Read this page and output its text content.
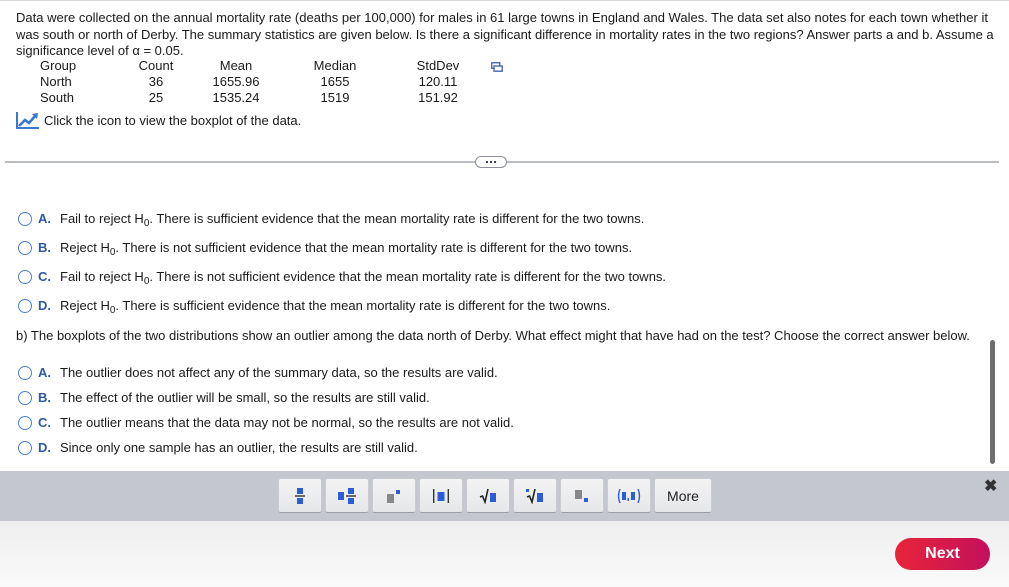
Data were collected on the annual mortality rate (deaths per 100,000) for males in 61 large towns in England and Wales. The data set also notes for each town whether it was south or north of Derby. The summary statistics are given below. Is there a significant difference in mortality rates in the two regions? Answer parts a and b. Assume a significance level of α = 0.05.

Group	Count	Mean	Median	StdDev
North	36	1655.96	1655	120.11
South	25	1535.24	1519	151.92
Click the icon to view the boxplot of the data.
A. Fail to reject $H_0$. There is sufficient evidence that the mean mortality rate is different for the two towns.
B. Reject $H_0$. There is not sufficient evidence that the mean mortality rate is different for the two towns.
C. Fail to reject $H_0$. There is not sufficient evidence that the mean mortality rate is different for the two towns.
D. Reject $H_0$. There is sufficient evidence that the mean mortality rate is different for the two towns.

b) The boxplots of the two distributions show an outlier among the data north of Derby. What effect might that have had on the test? Choose the correct answer below.

A. The outlier does not affect any of the summary data, so the results are valid.
B. The effect of the outlier will be small, so the results are still valid.
C. The outlier means that the data may not be normal, so the results are not valid.
D. Since only one sample has an outlier, the results are still valid.
More
✖
Next
